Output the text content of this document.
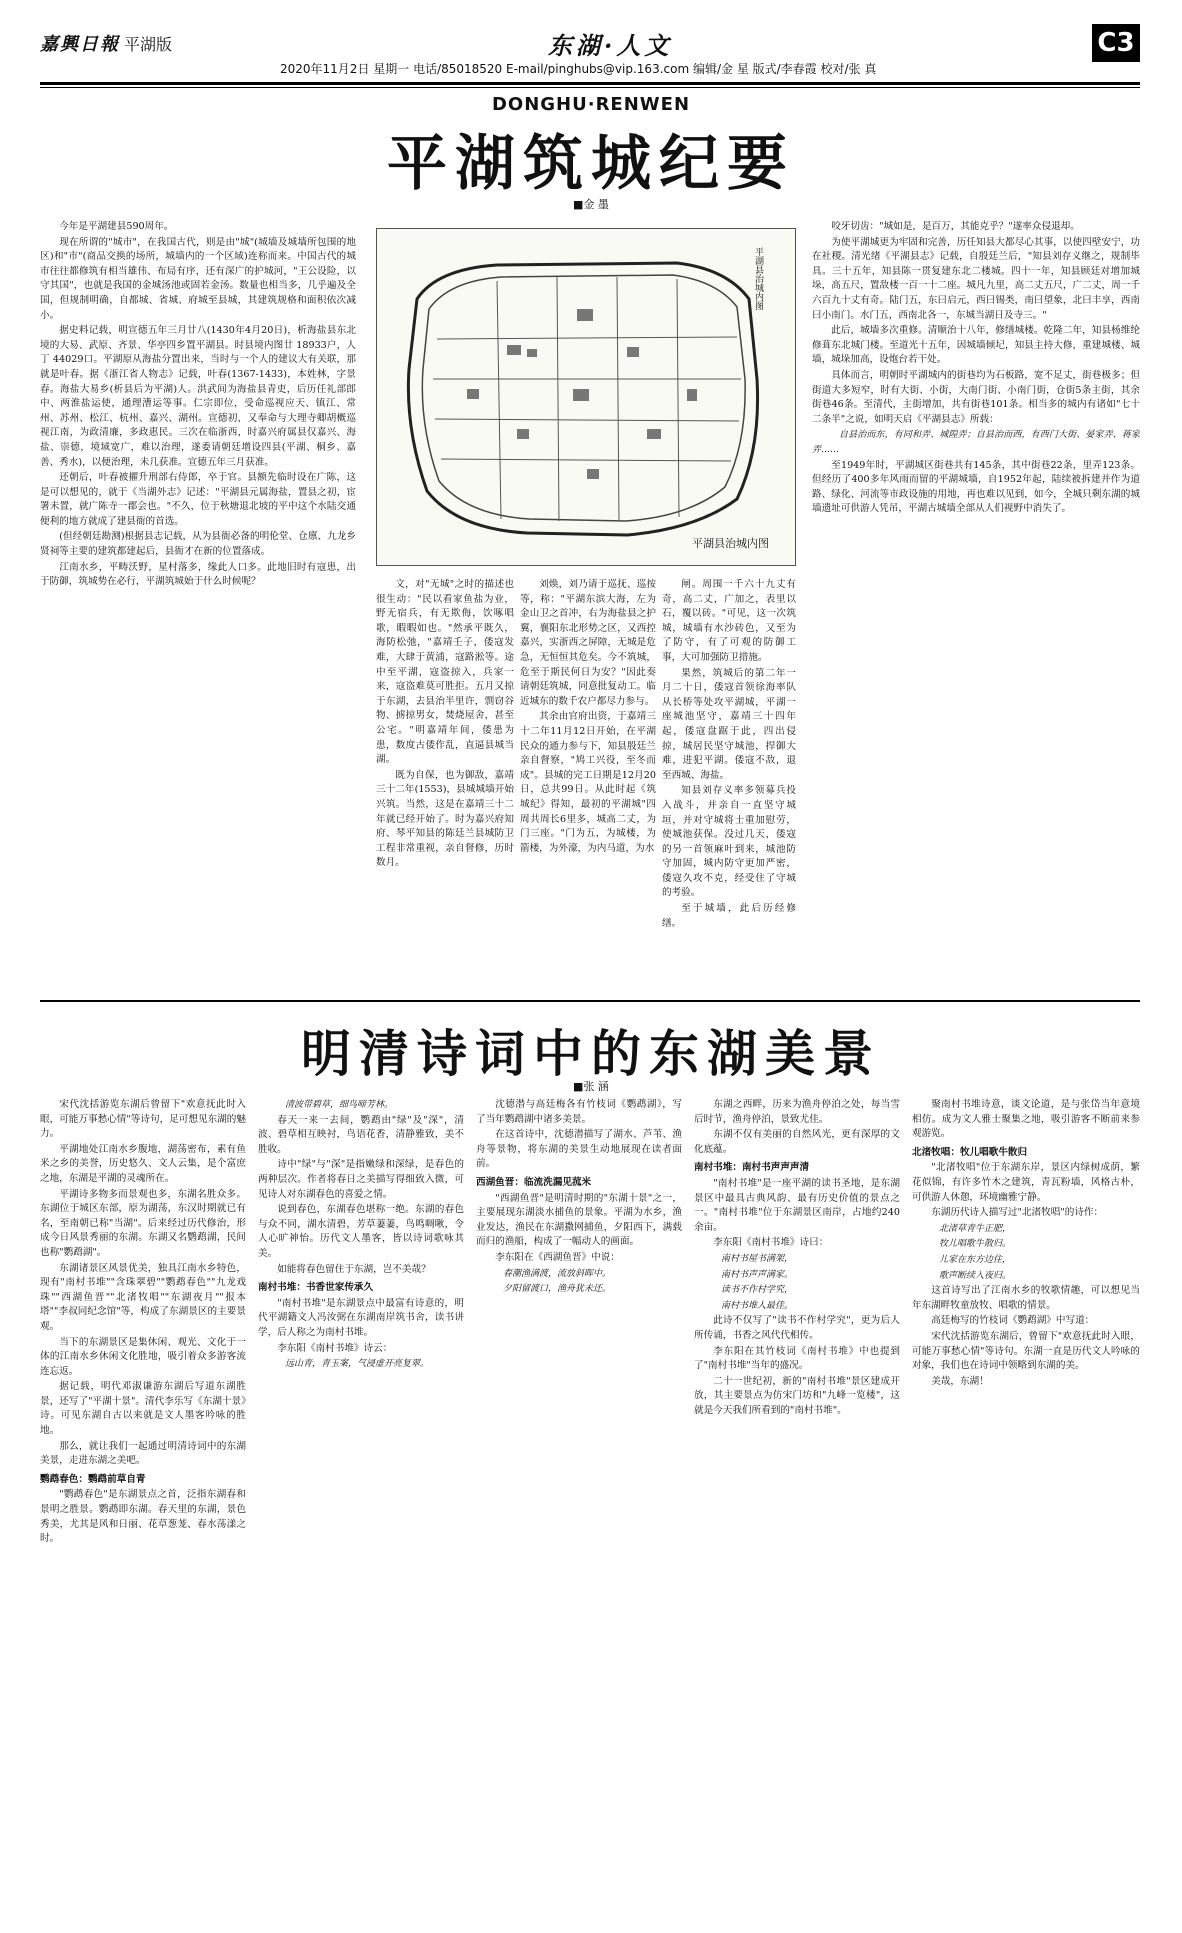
嘉興日報 平湖版	东湖·人文	C3
2020年11月2日 星期一 电话/85018520 E-mail/pinghubs@vip.163.com 编辑/金 星 版式/李春霞 校对/张 真
DONGHU·RENWEN
平湖筑城纪要
■金 墨

今年是平湖建县590周年。

现在所谓的"城市"，在我国古代，则是由"城"(城墙及城墙所包围的地区)和"市"(商品交换的场所，城墙内的一个区域)连称而来。中国古代的城市往往都修筑有相当雄伟、布局有序，还有深广的护城河，"王公设险，以守其国"，也就是我国的金城汤池或固若金汤。数量也相当多，几乎遍及全国，但规制明确，自都城、省城、府城至县城，其建筑规格和面积依次减小。

据史料记载，明宣德五年三月廿八(1430年4月20日)，析海盐县东北境的大易、武原、齐景、华亭四乡置平湖县。时县境内图廿 18933户，人丁 44029口。平湖原从海盐分置出来，当时与一个人的建议大有关联，那就是叶春。据《浙江省人物志》记载，叶春(1367-1433)，本姓林，字景春。海盐大易乡(析县后为平湖)人。洪武间为海盐县青吏，后历任礼部郎中、两淮盐运使，通理漕运等事。仁宗即位，受命巡视应天、镇江、常州、苏州、松江、杭州、嘉兴、湖州。宣德初，又奉命与大理寺卿胡概巡视江南，为政清廉，多政惠民。三次在临浙西，时嘉兴府属县仅嘉兴、海盐、崇德，境域宽广，难以治理，遂委请朝廷增设四县(平湖、桐乡、嘉善、秀水)，以便治理，未几获准。宣德五年三月获准。

还朝后，叶春被擢升刑部右侍郎，卒于官。县额先临时设在广陈，这是可以想见的，就于《当湖外志》记述："平湖县元属海盐，置县之初，宦署未置，就广陈寺一郡会也。"不久，位于秋塘退北坡的平中这个水陆交通便利的地方就成了建县衙的首选。

(但经朝廷勘测)根据县志记载，从为县衙必备的明伦堂、仓廪、九龙乡贤祠等主要的建筑都建起后，县衙才在新的位置落成。

江南水乡，平畴沃野，星村落多，缘此人口多。此地旧时有寇患，出于防御，筑城势在必行，平湖筑城始于什么时候呢？

平湖县治城内图
平湖县治城内图

文，对"无城"之时的描述也很生动："民以看家鱼盐为业，野无宿兵，有无欺侮，饮啄唱歌，暇暇如也。"然承平既久，海防松弛，"嘉靖壬子，倭寇发难，大肆于黄浦，寇路淞等。途中至平湖，寇盗掠入，兵家一来，寇盗难莫可胜拒。五月又掠于东湖，去县治半里许，剽窃谷物、掳掠男女，焚烧屋舍，甚至公宅。"明嘉靖年间，倭患为患，数度古倭作乱，直逼县城当湖。

既为自保，也为御敌，嘉靖三十二年(1553)，县城城墙开始兴筑。当然，这是在嘉靖三十二年就已经开始了。时为嘉兴府知府、琴平知县的陈廷兰县城防卫工程非常重视，亲自督修，历时数月。

刘焕，刘乃请于巡抚、巡按等，称："平湖东滨大海，左为金山卫之首冲，右为海盐县之护翼，襄阳东北形势之区，又西控嘉兴，实浙西之屏障，无城是危急，无恒恒其危矣。今不筑城，危至于斯民何日为安？"因此奏请朝廷筑城，同意批复动工。临近城东的数千农户都尽力参与。

其余由官府出资，于嘉靖三十二年11月12日开始，在平湖民众的通力参与下，知县殷廷兰亲自督察，"鸠工兴役，至冬而成"。县城的完工日期是12月20日，总共99日。从此时起《筑城纪》得知，最初的平湖城"四周共周长6里多，城高二丈，为门三座。"门为五，为城楼，为箭楼，为外濠，为内马道，为水

闸。周围一千六十九丈有奇，高二丈，广加之，表里以石，覆以砖。"可见，这一次筑城，城墙有水沙砖色，又至为了防守，有了可观的防御工事，大可加强防卫措施。

果然，筑城后的第二年一月二十日，倭寇首领徐海率队从长桥等处攻平湖城，平湖一座城池坚守，嘉靖三十四年起，倭寇盘踞于此，四出侵掠，城居民坚守城池，捍御大难，进犯平湖。倭寇不敌，退至西城、海盐。

知县刘存义率多领募兵投入战斗，并亲自一直坚守城垣，并对守城将士重加慰劳，使城池获保。没过几天，倭寇的另一首领麻叶到来，城池防守加固，城内防守更加严密，倭寇久攻不克，经受住了守城的考验。

至于城墙，此后历经修缮。

咬牙切齿："城如是，是百万，其能克乎？"遂率众侵退却。

为使平湖城更为牢固和完善，历任知县大都尽心其事，以使四壁安宁，功在社稷。清光绪《平湖县志》记载，自殷廷兰后，"知县刘存义继之，规制毕具。三十五年，知县陈一贯复建东北二楼城。四十一年，知县顾廷对增加城垛，高五尺，置敌楼一百一十二座。城凡九里，高二丈五尺，广二丈，周一千六百九十丈有奇。陆门五，东曰启元，西曰锡类，南曰望象，北曰丰享，西南曰小南门。水门五，西南北各一，东城当湖日及寺三。"

此后，城墙多次重修。清顺治十八年，修缮城楼。乾隆二年，知县杨维纶修葺东北城门楼。至道光十五年，因城墙倾圮，知县主持大修，重建城楼、城墙，城垛加高，设炮台若干处。

具体而言，明朝时平湖城内的街巷均为石板路，宽不足丈，街巷极多；但街道大多短窄，时有大街、小街，大南门街、小南门街，仓街5条主街，其余街巷46条。至清代，主街增加，共有街巷101条。相当多的城内有诸如"七十二条半"之说，如明天启《平湖县志》所载：

自县治而东，有同和弄、城隍弄；自县治而西，有西门大街、晏家弄、蒋家弄……

至1949年时，平湖城区街巷共有145条，其中街巷22条，里弄123条。但经历了400多年风雨而留的平湖城墙，自1952年起，陆续被拆建并作为道路、绿化、河流等市政设施的用地，再也难以见到，如今，全城只剩东湖的城墙遗址可供游人凭吊，平湖古城墙全部从人们视野中消失了。

明清诗词中的东湖美景
■张 涵

宋代沈括游览东湖后曾留下"欢意抚此时入眼，可能万事愁心情"等诗句，足可想见东湖的魅力。

平湖地处江南水乡腹地，湖荡密布，素有鱼米之乡的美誉，历史悠久、文人云集，是个富庶之地，东湖是平湖的灵魂所在。

平湖诗多物多而景观也多，东湖名胜众多。东湖位于城区东部，原为湖荡，东汉时期就已有名，至南朝已称"当湖"。后来经过历代修治，形成今日风景秀丽的东湖。东湖又名鹦鹉湖，民间也称"鹦鹉湖"。

东湖诸景区风景优美，独具江南水乡特色，现有"南村书堆""含珠翠碧""鹦鹉春色""九龙戏珠""西湖鱼晋""北渚牧唱""东湖夜月""报本塔""李叔同纪念馆"等，构成了东湖景区的主要景观。

当下的东湖景区是集休闲、观光、文化于一体的江南水乡休闲文化胜地，吸引着众多游客流连忘返。

据记载，明代邓淑谦游东湖后写道东湖胜景，还写了"平湖十景"。清代李乐写《东湖十景》诗。可见东湖自古以来就是文人墨客吟咏的胜地。

那么，就让我们一起通过明清诗词中的东湖美景，走进东湖之美吧。

鹦鹉春色：鹦鹉前草自青

"鹦鹉春色"是东湖景点之首，泛指东湖春和景明之胜景。鹦鹉即东湖。春天里的东湖，景色秀美，尤其是风和日丽、花草葱茏、春水荡漾之时。

清波带碧草，细鸟啼芳林。

春天一来一去间，鹦鹉由"绿"及"深"，清波、碧草相互映衬，鸟语花香，清静雅致，美不胜收。

诗中"绿"与"深"是指嫩绿和深绿，是春色的两种层次。作者将春日之美描写得细致入微，可见诗人对东湖春色的喜爱之情。

说到春色，东湖春色堪称一绝。东湖的春色与众不同，湖水清碧，芳草萋萋，鸟鸣啁啾，令人心旷神怡。历代文人墨客，皆以诗词歌咏其美。

如能将春色留住于东湖，岂不美哉？

南村书堆：书香世家传承久

"南村书堆"是东湖景点中最富有诗意的，明代平湖籍文人冯汝弼在东湖南岸筑书舍，读书讲学，后人称之为南村书堆。

李东阳《南村书堆》诗云：

远山青，青玉案，气浸虚开亮复翠。

沈德潜与高廷梅各有竹枝词《鹦鹉湖》，写了当年鹦鹉湖中诸多美景。

在这首诗中，沈德潜描写了湖水、芦苇、渔舟等景物，将东湖的美景生动地展现在读者面前。

西湖鱼晋：临流洗漏见菰米

"西湖鱼晋"是明清时期的"东湖十景"之一，主要展现东湖淡水捕鱼的景象。平湖为水乡，渔业发达，渔民在东湖撒网捕鱼，夕阳西下，满载而归的渔船，构成了一幅动人的画面。

李东阳在《西湖鱼晋》中说：

春潮渔满渡，流放斜晖中。

夕阳留渡口，渔舟犹未还。

东湖之西畔，历来为渔舟停泊之处，每当雪后时节，渔舟停泊，景致尤佳。

东湖不仅有美丽的自然风光，更有深厚的文化底蕴。

南村书堆：南村书声声声清

"南村书堆"是一座平湖的读书圣地，是东湖景区中最具古典风韵、最有历史价值的景点之一。"南村书堆"位于东湖景区南岸，占地约240余亩。

李东阳《南村书堆》诗曰：

南村书屋书满架，

南村书声声满家。

读书不作村学究，

南村书堆人最佳。

此诗不仅写了"读书不作村学究"，更为后人所传诵，书香之风代代相传。

李东阳在其竹枝词《南村书堆》中也提到了"南村书堆"当年的盛况。

二十一世纪初，新的"南村书堆"景区建成开放，其主要景点为仿宋门坊和"九峰一览楼"，这就是今天我们所看到的"南村书堆"。

聚南村书堆诗意，谈文论道，是与张岱当年意境相仿。成为文人雅士聚集之地，吸引游客不断前来参观游览。

北渚牧唱：牧儿唱歌牛散归

"北渚牧唱"位于东湖东岸，景区内绿树成荫，繁花似锦，有许多竹木之建筑，青瓦粉墙，风格古朴，可供游人休憩，环境幽雅宁静。

东湖历代诗人描写过"北渚牧唱"的诗作：

北渚草青牛正肥，

牧儿唱歌牛散归。

儿家在东方边住，

歌声断续入夜归。

这首诗写出了江南水乡的牧歌情趣，可以想见当年东湖畔牧童放牧、唱歌的情景。

高廷梅写的竹枝词《鹦鹉湖》中写道：

宋代沈括游览东湖后，曾留下"欢意抚此时入眼，可能万事愁心情"等诗句。东湖一直是历代文人吟咏的对象，我们也在诗词中领略到东湖的美。

美哉，东湖！
